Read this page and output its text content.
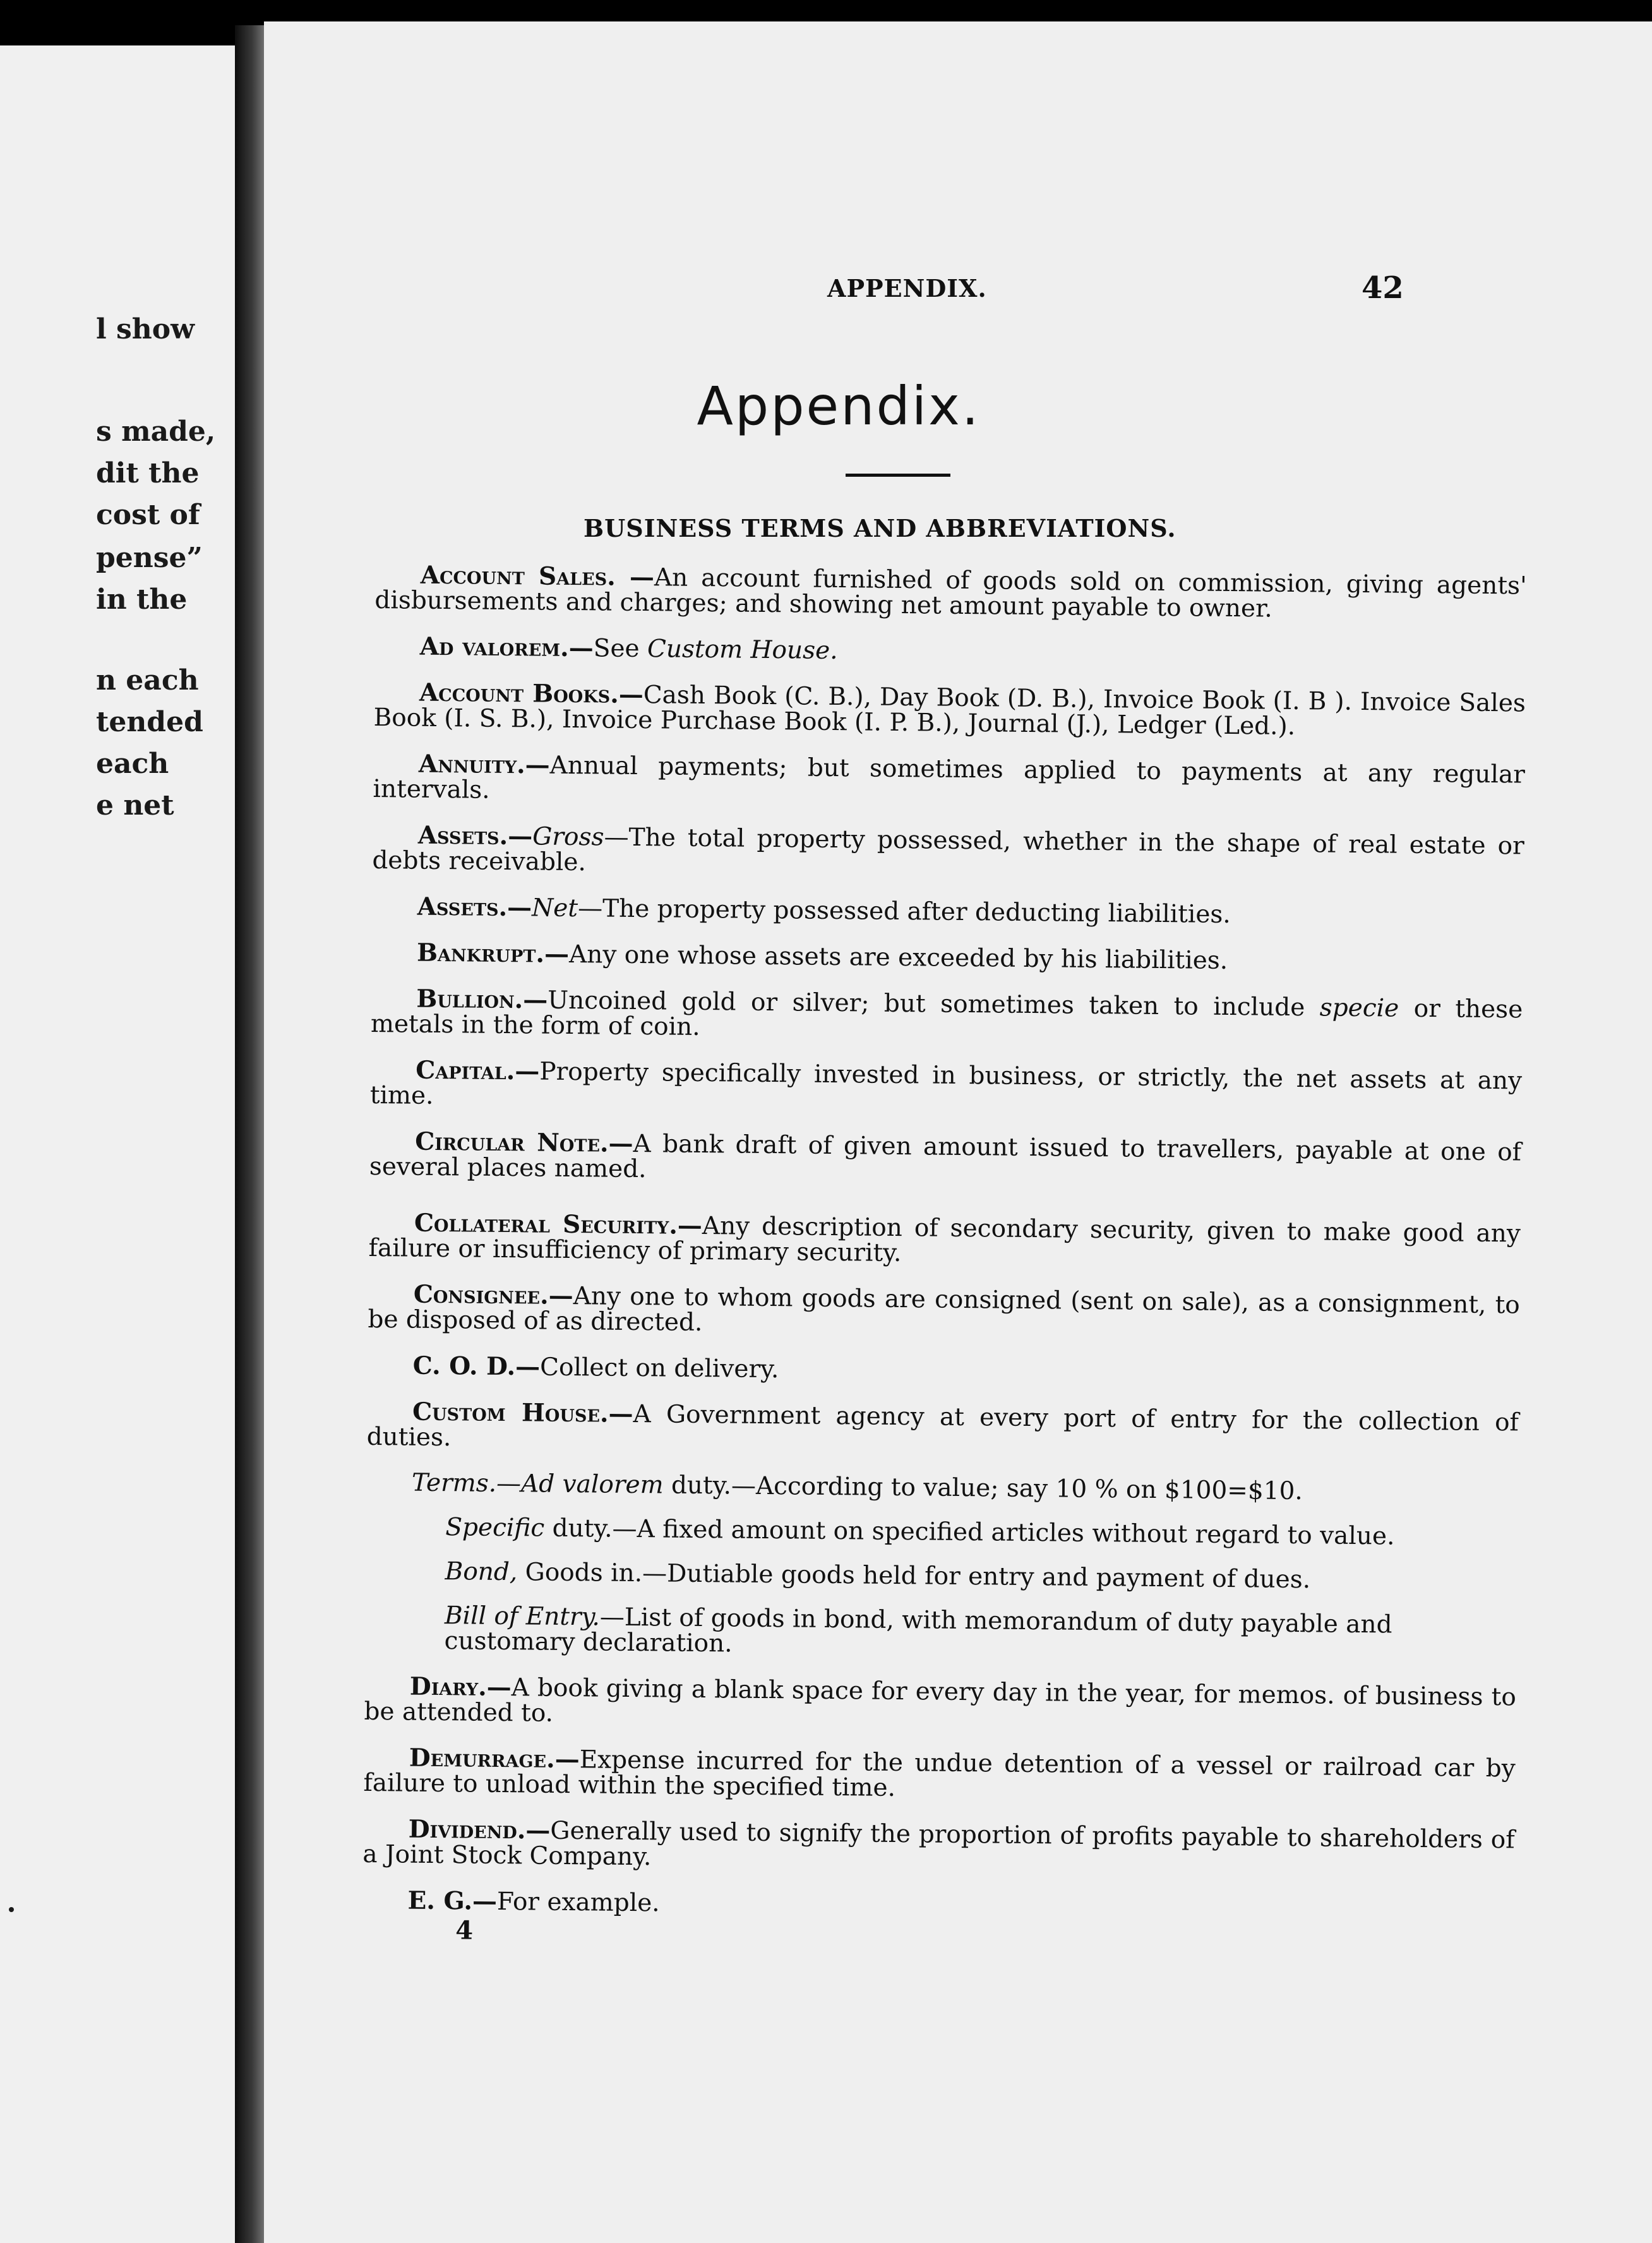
l show
s made,
dit the
cost of
pense”
in the
n each
tended
each
e net
APPENDIX.	42
Appendix.
BUSINESS TERMS AND ABBREVIATIONS.

Account Sales. —An account furnished of goods sold on commission, giving agents' disbursements and charges; and showing net amount payable to owner.

Ad valorem.—See Custom House.

Account Books.—Cash Book (C. B.), Day Book (D. B.), Invoice Book (I. B ). Invoice Sales Book (I. S. B.), Invoice Purchase Book (I. P. B.), Journal (J.), Ledger (Led.).

Annuity.—Annual payments; but sometimes applied to payments at any regular intervals.

Assets.—Gross—The total property possessed, whether in the shape of real estate or debts receivable.

Assets.—Net—The property possessed after deducting liabilities.

Bankrupt.—Any one whose assets are exceeded by his liabilities.

Bullion.—Uncoined gold or silver; but sometimes taken to include specie or these metals in the form of coin.

Capital.—Property specifically invested in business, or strictly, the net assets at any time.

Circular Note.—A bank draft of given amount issued to travellers, payable at one of several places named.

Collateral Security.—Any description of secondary security, given to make good any failure or insufficiency of primary security.

Consignee.—Any one to whom goods are consigned (sent on sale), as a consignment, to be disposed of as directed.

C. O. D.—Collect on delivery.

Custom House.—A Government agency at every port of entry for the collection of duties.

Terms.—Ad valorem duty.—According to value; say 10 % on $100=$10.
Specific duty.—A fixed amount on specified articles without regard to value.
Bond, Goods in.—Dutiable goods held for entry and payment of dues.
Bill of Entry.—List of goods in bond, with memorandum of duty payable and customary declaration.

Diary.—A book giving a blank space for every day in the year, for memos. of business to be attended to.

Demurrage.—Expense incurred for the undue detention of a vessel or railroad car by failure to unload within the specified time.

Dividend.—Generally used to signify the proportion of profits payable to shareholders of a Joint Stock Company.

E. G.—For example.

4
